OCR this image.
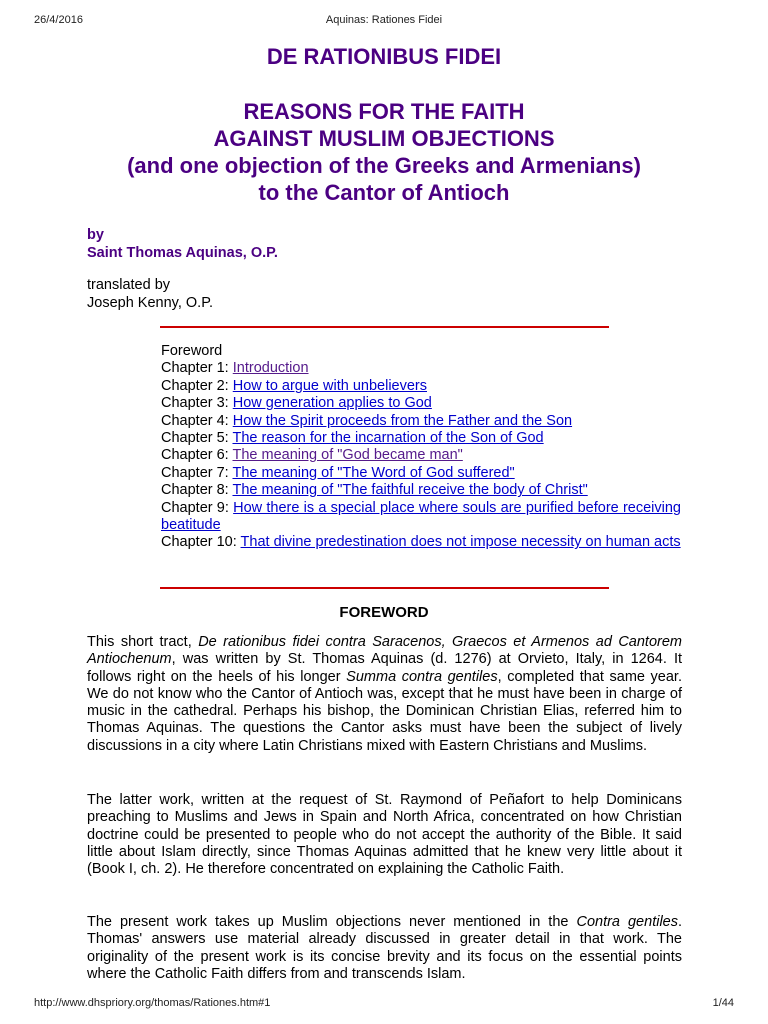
26/4/2016	Aquinas: Rationes Fidei
DE RATIONIBUS FIDEI
REASONS FOR THE FAITH
AGAINST MUSLIM OBJECTIONS
(and one objection of the Greeks and Armenians)
to the Cantor of Antioch
by
Saint Thomas Aquinas, O.P.
translated by
Joseph Kenny, O.P.
Foreword
Chapter 1: Introduction
Chapter 2: How to argue with unbelievers
Chapter 3: How generation applies to God
Chapter 4: How the Spirit proceeds from the Father and the Son
Chapter 5: The reason for the incarnation of the Son of God
Chapter 6: The meaning of "God became man"
Chapter 7: The meaning of "The Word of God suffered"
Chapter 8: The meaning of "The faithful receive the body of Christ"
Chapter 9: How there is a special place where souls are purified before receiving beatitude
Chapter 10: That divine predestination does not impose necessity on human acts
FOREWORD

This short tract, De rationibus fidei contra Saracenos, Graecos et Armenos ad Cantorem Antiochenum, was written by St. Thomas Aquinas (d. 1276) at Orvieto, Italy, in 1264. It follows right on the heels of his longer Summa contra gentiles, completed that same year. We do not know who the Cantor of Antioch was, except that he must have been in charge of music in the cathedral. Perhaps his bishop, the Dominican Christian Elias, referred him to Thomas Aquinas. The questions the Cantor asks must have been the subject of lively discussions in a city where Latin Christians mixed with Eastern Christians and Muslims.

The latter work, written at the request of St. Raymond of Peñafort to help Dominicans preaching to Muslims and Jews in Spain and North Africa, concentrated on how Christian doctrine could be presented to people who do not accept the authority of the Bible. It said little about Islam directly, since Thomas Aquinas admitted that he knew very little about it (Book I, ch. 2). He therefore concentrated on explaining the Catholic Faith.

The present work takes up Muslim objections never mentioned in the Contra gentiles. Thomas' answers use material already discussed in greater detail in that work. The originality of the present work is its concise brevity and its focus on the essential points where the Catholic Faith differs from and transcends Islam.

http://www.dhspriory.org/thomas/Rationes.htm#1	1/44
